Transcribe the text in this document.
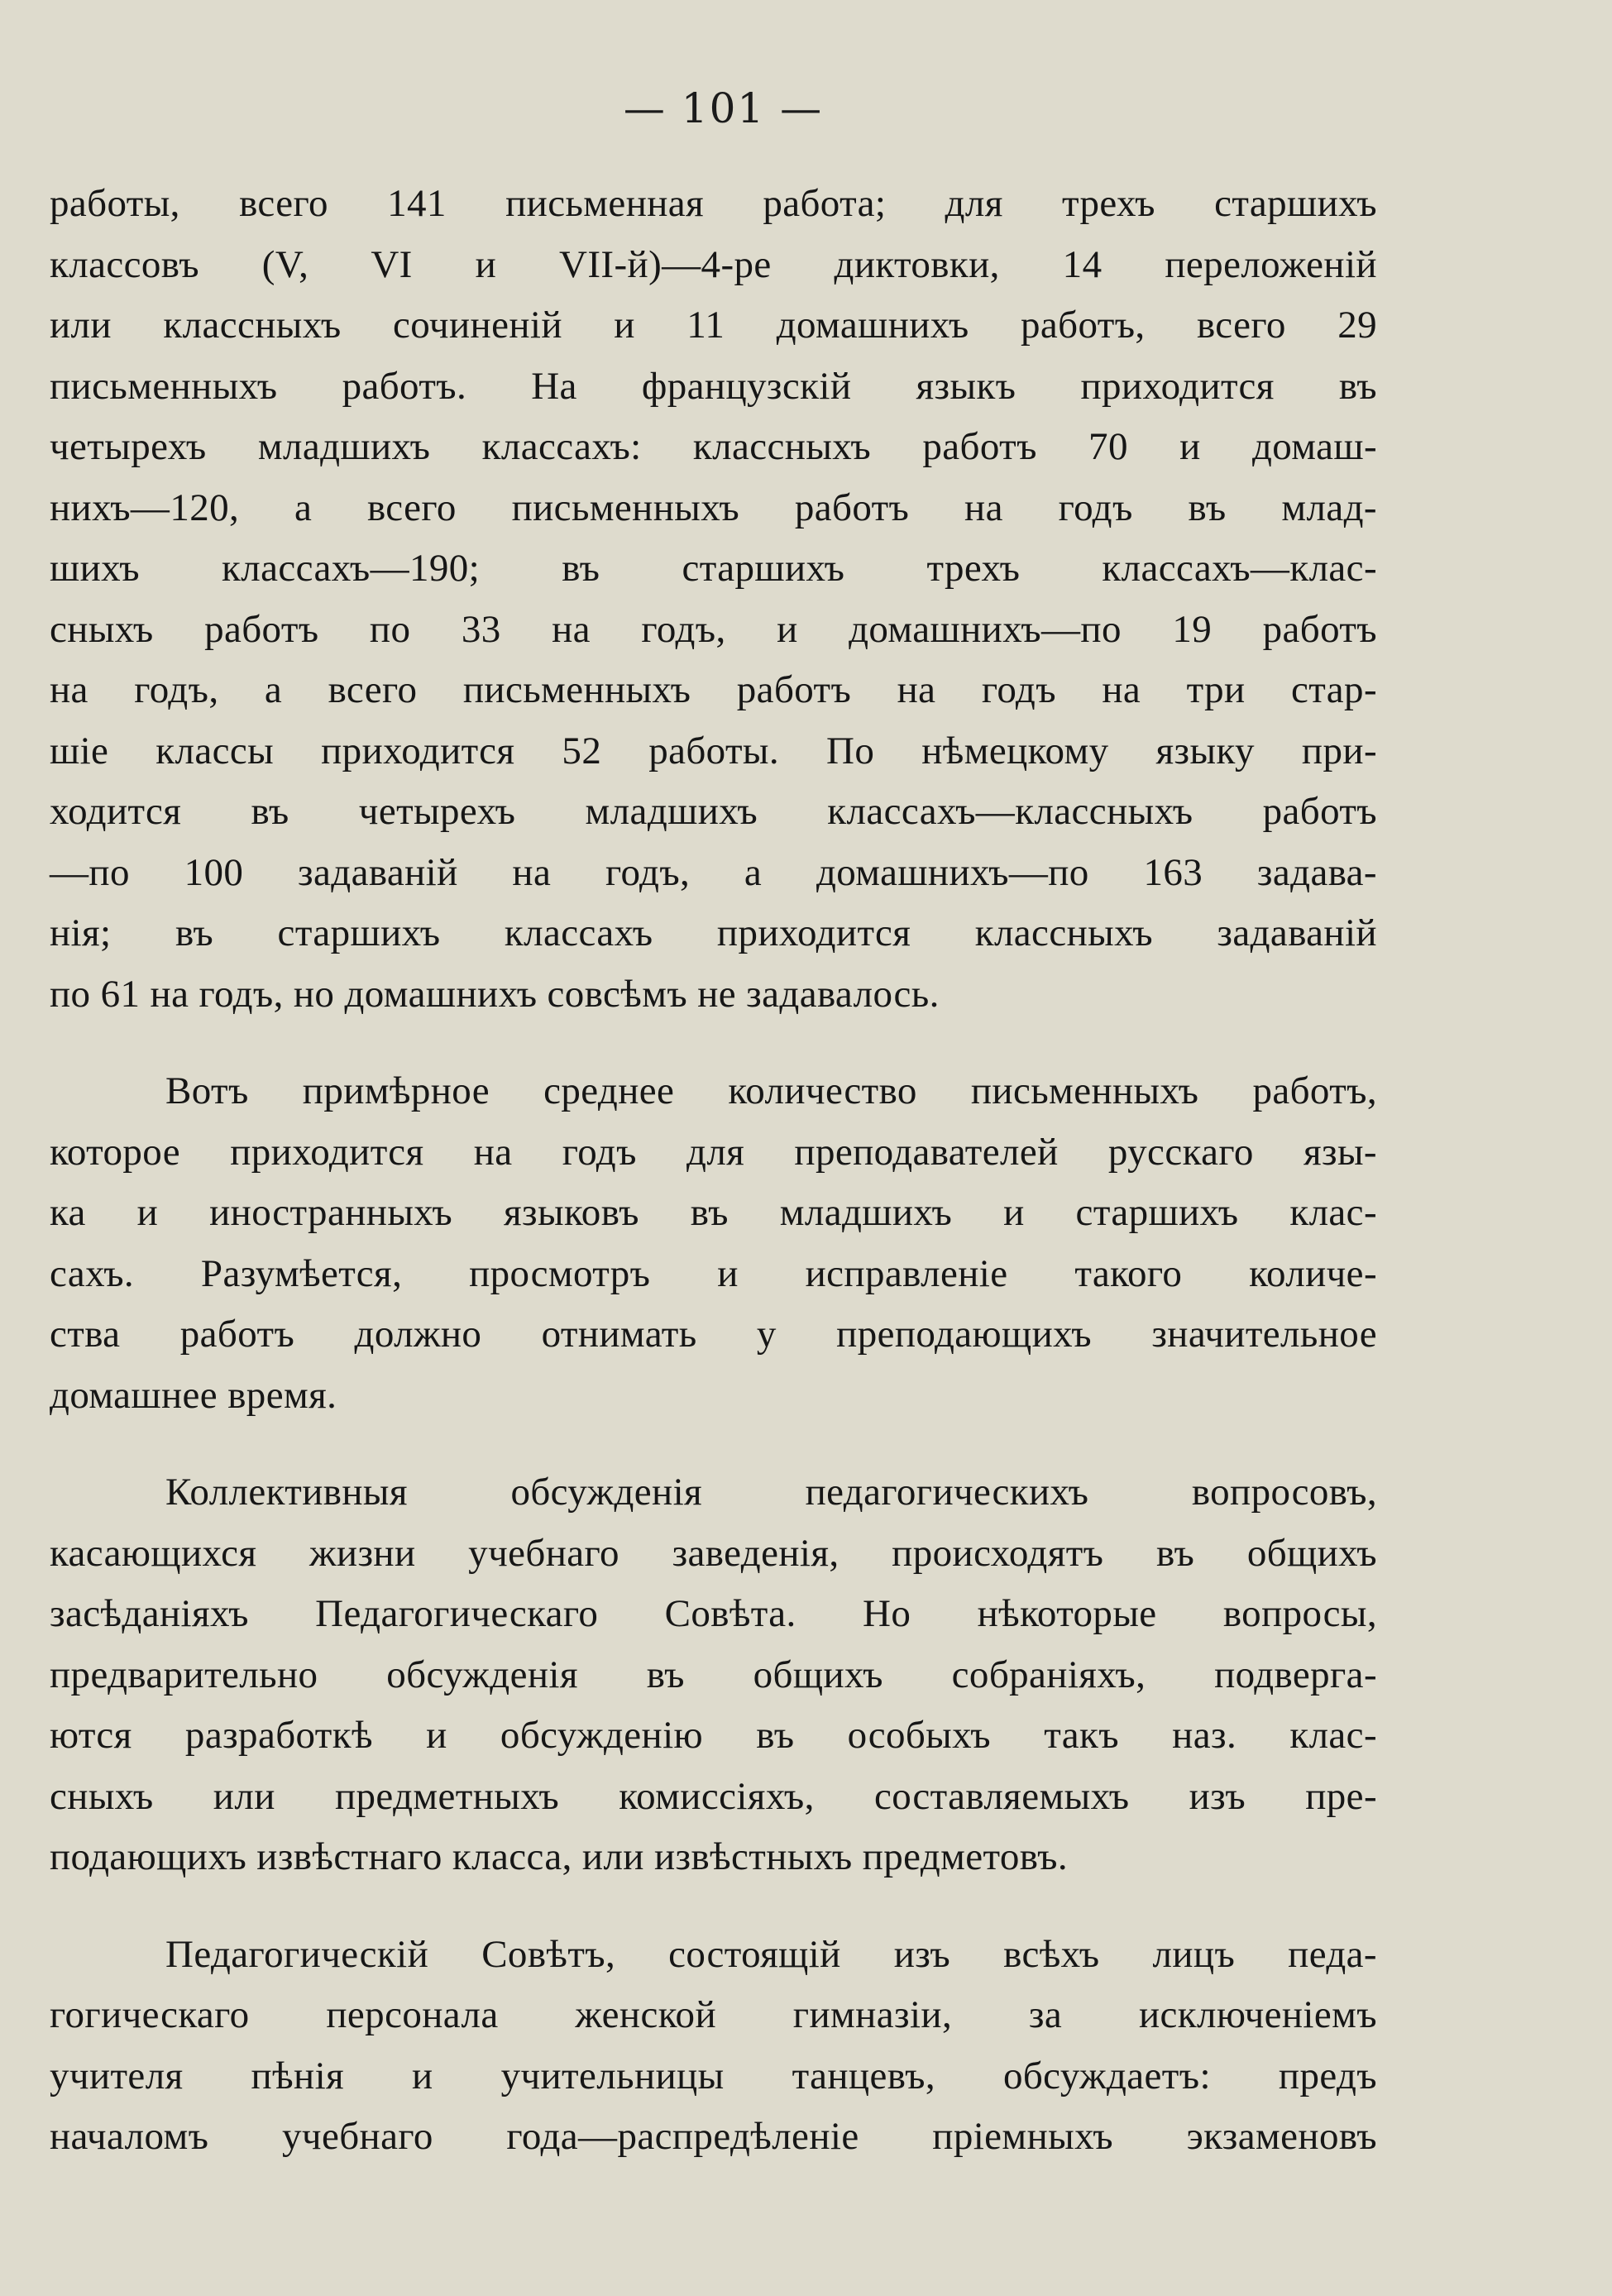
— 101 —
работы, всего 141 письменная работа; для трехъ старшихъ
классовъ (V, VI и VII-й)—4-ре диктовки, 14 переложеній
или классныхъ сочиненій и 11 домашнихъ работъ, всего 29
письменныхъ работъ. На французскій языкъ приходится въ
четырехъ младшихъ классахъ: классныхъ работъ 70 и домаш-
нихъ—120, а всего письменныхъ работъ на годъ въ млад-
шихъ классахъ—190; въ старшихъ трехъ классахъ—клас-
сныхъ работъ по 33 на годъ, и домашнихъ—по 19 работъ
на годъ, а всего письменныхъ работъ на годъ на три стар-
шіе классы приходится 52 работы. По нѣмецкому языку при-
ходится въ четырехъ младшихъ классахъ—классныхъ работъ
—по 100 задаваній на годъ, а домашнихъ—по 163 задава-
нія; въ старшихъ классахъ приходится классныхъ задаваній
по 61 на годъ, но домашнихъ совсѣмъ не задавалось.
Вотъ примѣрное среднее количество письменныхъ работъ,
которое приходится на годъ для преподавателей русскаго язы-
ка и иностранныхъ языковъ въ младшихъ и старшихъ клас-
сахъ. Разумѣется, просмотръ и исправленіе такого количе-
ства работъ должно отнимать у преподающихъ значительное
домашнее время.
Коллективныя обсужденія педагогическихъ вопросовъ,
касающихся жизни учебнаго заведенія, происходятъ въ общихъ
засѣданіяхъ Педагогическаго Совѣта. Но нѣкоторые вопросы,
предварительно обсужденія въ общихъ собраніяхъ, подверга-
ются разработкѣ и обсужденію въ особыхъ такъ наз. клас-
сныхъ или предметныхъ комиссіяхъ, составляемыхъ изъ пре-
подающихъ извѣстнаго класса, или извѣстныхъ предметовъ.
Педагогическій Совѣтъ, состоящій изъ всѣхъ лицъ педа-
гогическаго персонала женской гимназіи, за исключеніемъ
учителя пѣнія и учительницы танцевъ, обсуждаетъ: предъ
началомъ учебнаго года—распредѣленіе пріемныхъ экзаменовъ
